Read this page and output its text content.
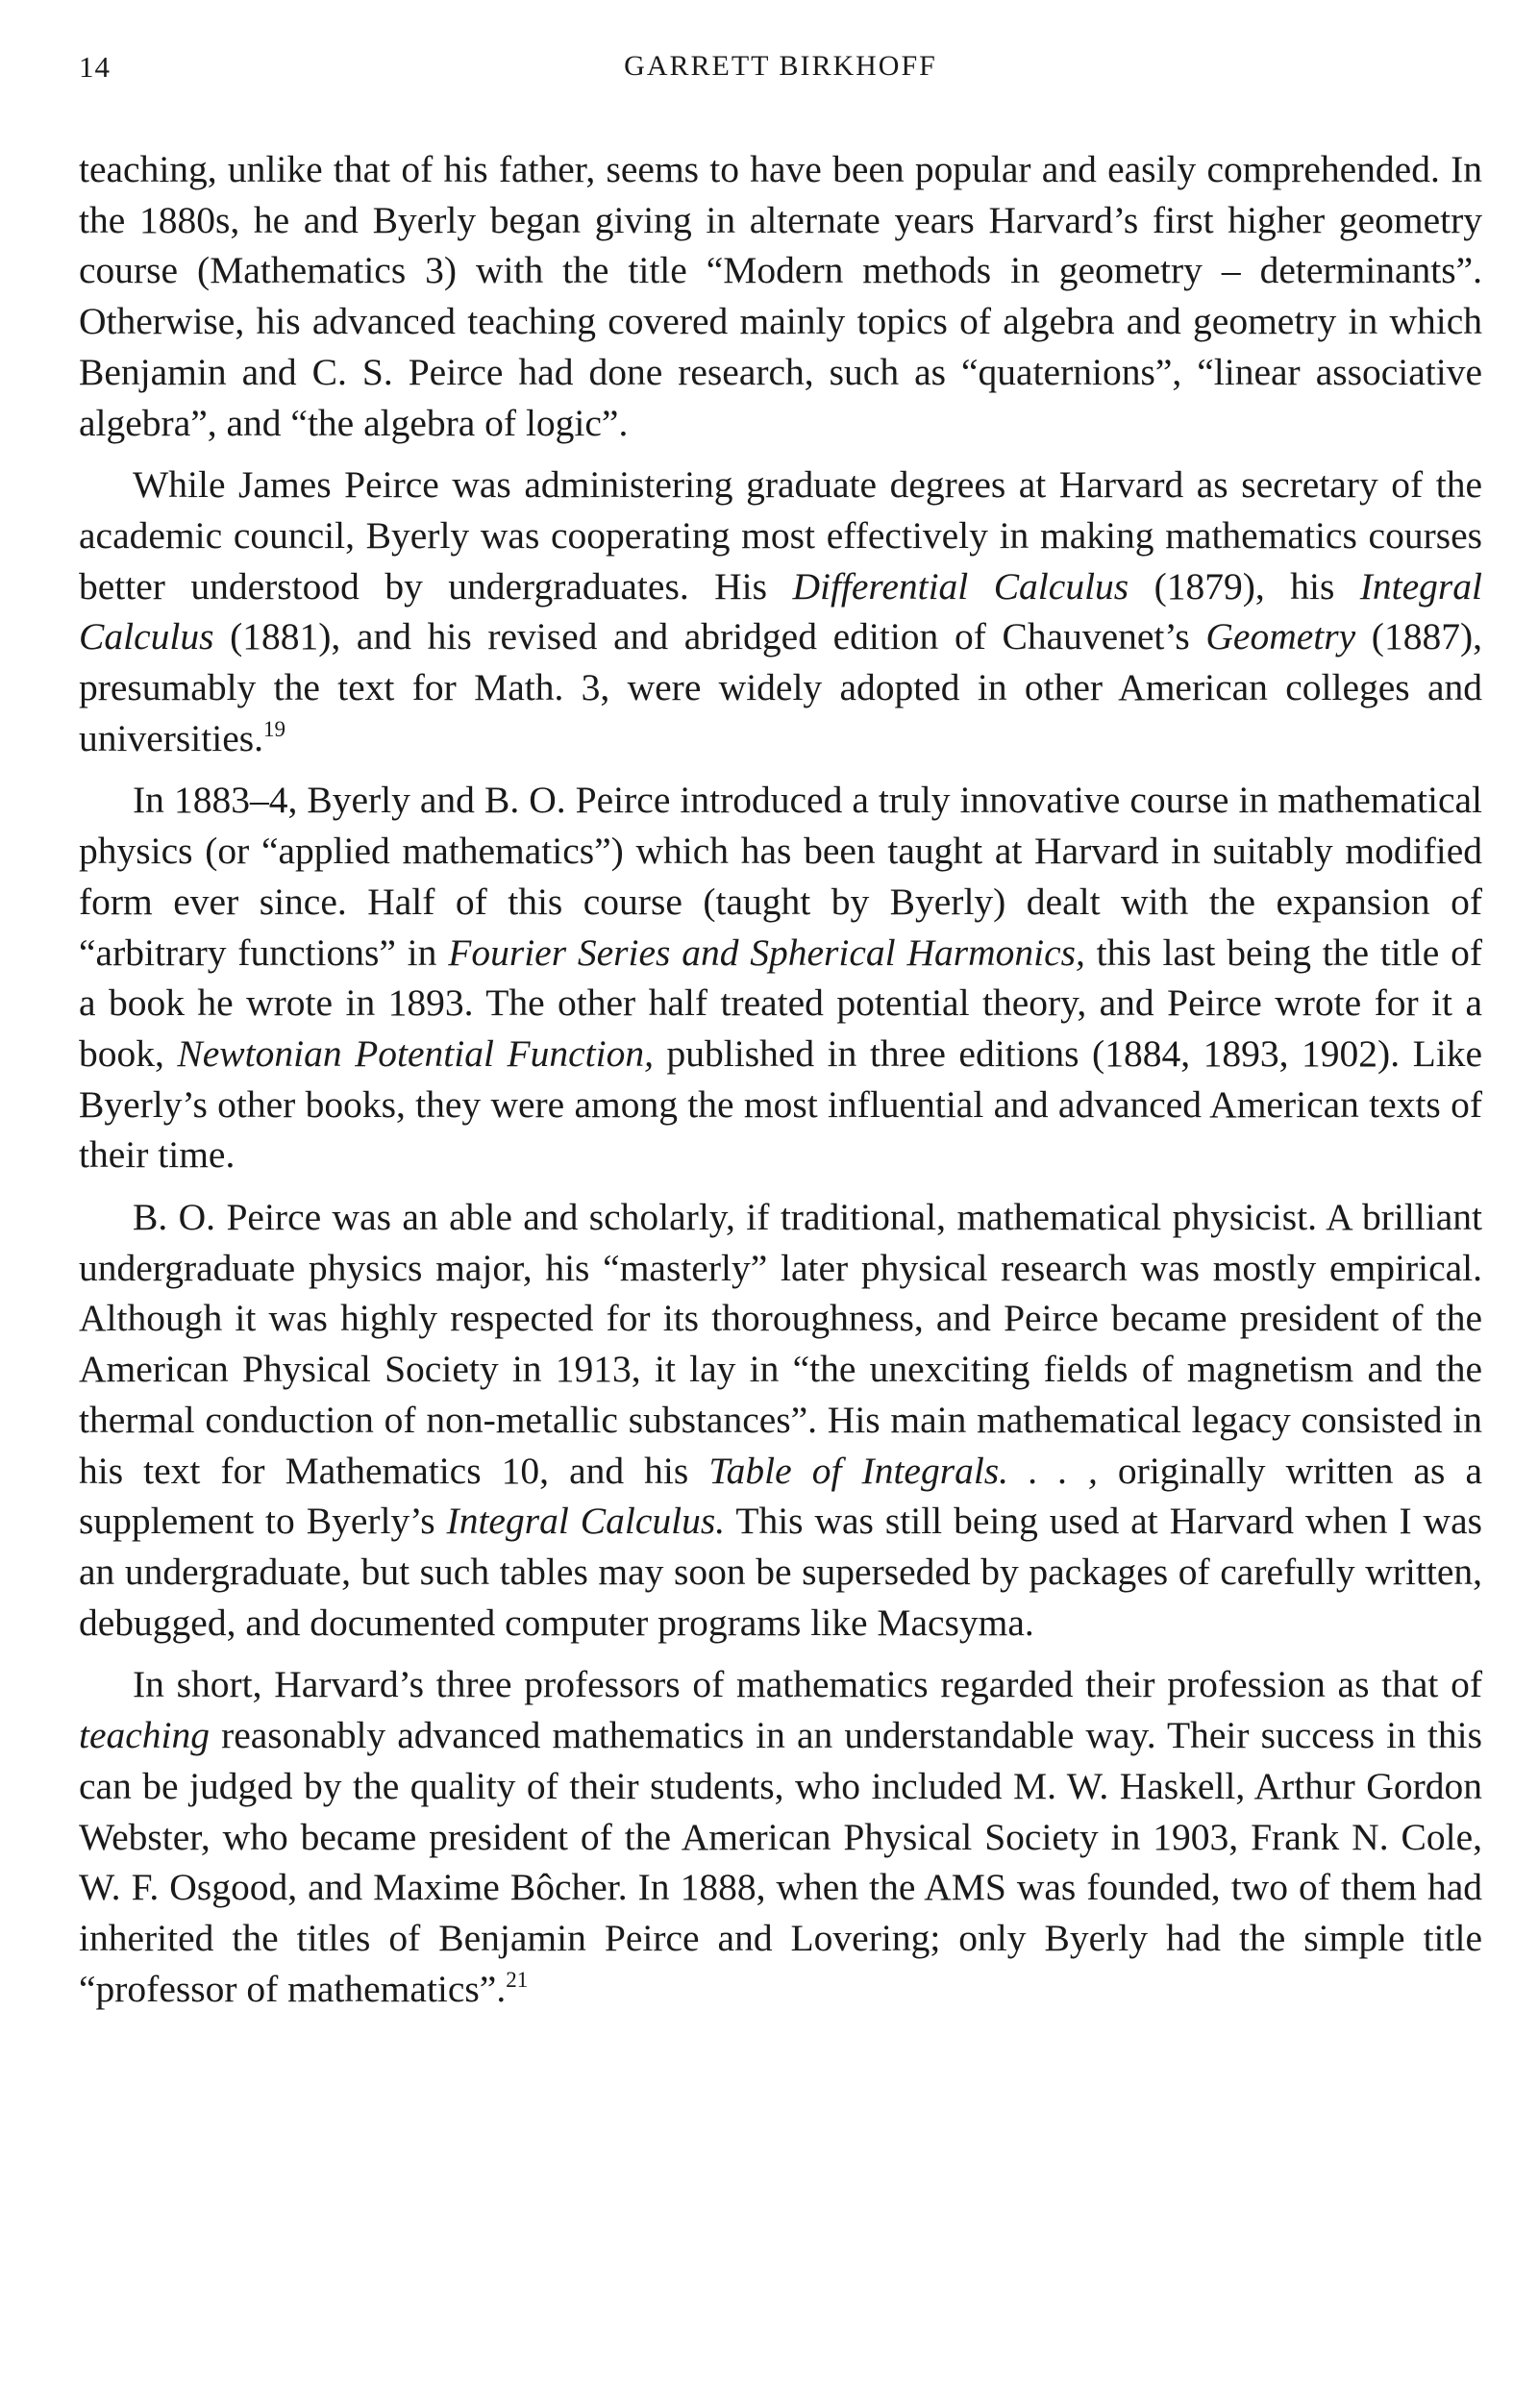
14	GARRETT BIRKHOFF

teaching, unlike that of his father, seems to have been popular and easily comprehended. In the 1880s, he and Byerly began giving in alternate years Harvard’s first higher geometry course (Mathematics 3) with the title “Modern methods in geometry – determinants”. Otherwise, his advanced teaching covered mainly topics of algebra and geometry in which Benjamin and C. S. Peirce had done research, such as “quaternions”, “linear associative algebra”, and “the algebra of logic”.

While James Peirce was administering graduate degrees at Harvard as secretary of the academic council, Byerly was cooperating most effectively in making mathematics courses better understood by undergraduates. His Differential Calculus (1879), his Integral Calculus (1881), and his revised and abridged edition of Chauvenet’s Geometry (1887), presumably the text for Math. 3, were widely adopted in other American colleges and universities.$^{19}$

In 1883–4, Byerly and B. O. Peirce introduced a truly innovative course in mathematical physics (or “applied mathematics”) which has been taught at Harvard in suitably modified form ever since. Half of this course (taught by Byerly) dealt with the expansion of “arbitrary functions” in Fourier Series and Spherical Harmonics, this last being the title of a book he wrote in 1893. The other half treated potential theory, and Peirce wrote for it a book, Newtonian Potential Function, published in three editions (1884, 1893, 1902). Like Byerly’s other books, they were among the most influential and advanced American texts of their time.

B. O. Peirce was an able and scholarly, if traditional, mathematical physicist. A brilliant undergraduate physics major, his “masterly” later physical research was mostly empirical. Although it was highly respected for its thoroughness, and Peirce became president of the American Physical Society in 1913, it lay in “the unexciting fields of magnetism and the thermal conduction of non-metallic substances”. His main mathematical legacy consisted in his text for Mathematics 10, and his Table of Integrals. . . , originally written as a supplement to Byerly’s Integral Calculus. This was still being used at Harvard when I was an undergraduate, but such tables may soon be superseded by packages of carefully written, debugged, and documented computer programs like Macsyma.

In short, Harvard’s three professors of mathematics regarded their profession as that of teaching reasonably advanced mathematics in an understandable way. Their success in this can be judged by the quality of their students, who included M. W. Haskell, Arthur Gordon Webster, who became president of the American Physical Society in 1903, Frank N. Cole, W. F. Osgood, and Maxime Bôcher. In 1888, when the AMS was founded, two of them had inherited the titles of Benjamin Peirce and Lovering; only Byerly had the simple title “professor of mathematics”.$^{21}$
